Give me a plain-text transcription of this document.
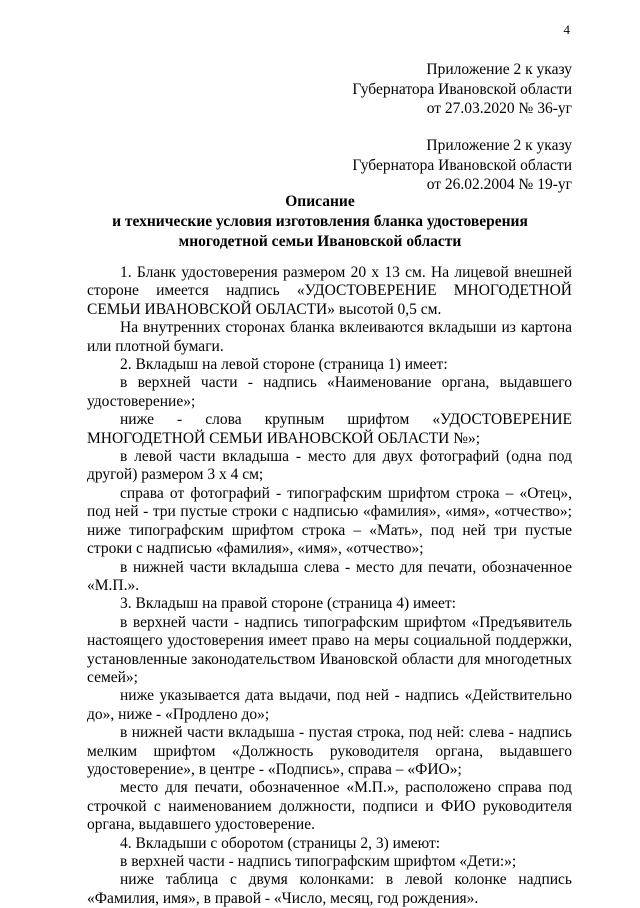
4
Приложение 2 к указу
Губернатора Ивановской области
от 27.03.2020 № 36-уг
Приложение 2 к указу
Губернатора Ивановской области
от 26.02.2004 № 19-уг
Описание
и технические условия изготовления бланка удостоверения
многодетной семьи Ивановской области

1. Бланк удостоверения размером 20 х 13 см. На лицевой внешней стороне имеется надпись «УДОСТОВЕРЕНИЕ МНОГОДЕТНОЙ СЕМЬИ ИВАНОВСКОЙ ОБЛАСТИ» высотой 0,5 см.

На внутренних сторонах бланка вклеиваются вкладыши из картона или плотной бумаги.

2. Вкладыш на левой стороне (страница 1) имеет:

в верхней части - надпись «Наименование органа, выдавшего удостоверение»;

ниже - слова крупным шрифтом «УДОСТОВЕРЕНИЕ МНОГОДЕТНОЙ СЕМЬИ ИВАНОВСКОЙ ОБЛАСТИ №»;

в левой части вкладыша - место для двух фотографий (одна под другой) размером 3 х 4 см;

справа от фотографий - типографским шрифтом строка – «Отец», под ней - три пустые строки с надписью «фамилия», «имя», «отчество»; ниже типографским шрифтом строка – «Мать», под ней три пустые строки с надписью «фамилия», «имя», «отчество»;

в нижней части вкладыша слева - место для печати, обозначенное «М.П.».

3. Вкладыш на правой стороне (страница 4) имеет:

в верхней части - надпись типографским шрифтом «Предъявитель настоящего удостоверения имеет право на меры социальной поддержки, установленные законодательством Ивановской области для многодетных семей»;

ниже указывается дата выдачи, под ней - надпись «Действительно до», ниже - «Продлено до»;

в нижней части вкладыша - пустая строка, под ней: слева - надпись мелким шрифтом «Должность руководителя органа, выдавшего удостоверение», в центре - «Подпись», справа – «ФИО»;

место для печати, обозначенное «М.П.», расположено справа под строчкой с наименованием должности, подписи и ФИО руководителя органа, выдавшего удостоверение.

4. Вкладыши с оборотом (страницы 2, 3) имеют:

в верхней части - надпись типографским шрифтом «Дети:»;

ниже таблица с двумя колонками: в левой колонке надпись «Фамилия, имя», в правой - «Число, месяц, год рождения».
